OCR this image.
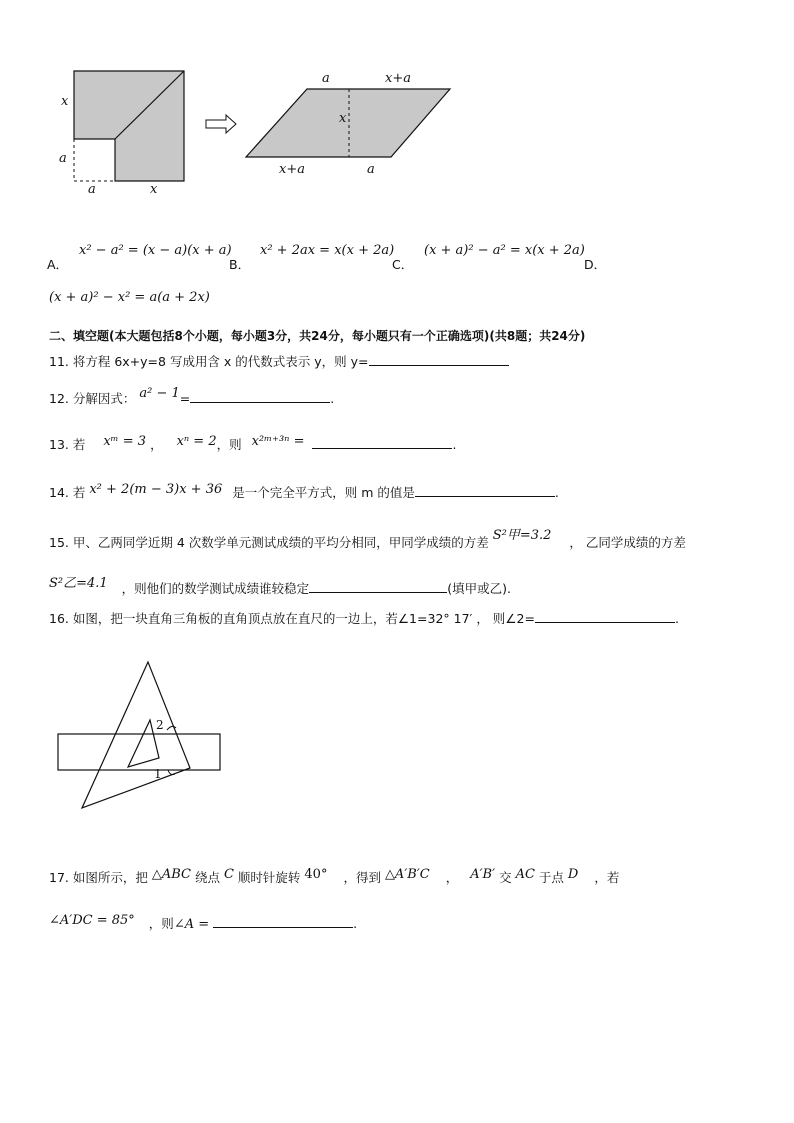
x
a
a	x
a	x+a
x
x+a	a
A．
x² − a² = (x − a)(x + a)
B．
x² + 2ax = x(x + 2a)
C．
(x + a)² − a² = x(x + 2a)
D．
(x + a)² − x² = a(a + 2x)
二、填空题(本大题包括8个小题，每小题3分，共24分，每小题只有一个正确选项)(共8题；共24分)
11. 将方程 6x+y=8 写成用含 x 的代数式表示 y，则 y=
12. 分解因式： a² − 1=	.
13. 若 xᵐ = 3 ， xⁿ = 2，则 x²ᵐ⁺³ⁿ =	.
14. 若 x² + 2(m − 3)x + 36 是一个完全平方式，则 m 的值是	.
15. 甲、乙两同学近期 4 次数学单元测试成绩的平均分相同，甲同学成绩的方差 S²甲=3.2 ， 乙同学成绩的方差
S²乙=4.1 ，则他们的数学测试成绩谁较稳定	(填甲或乙).
16. 如图，把一块直角三角板的直角顶点放在直尺的一边上，若∠1=32° 17′ ， 则∠2=	.
2
1
17. 如图所示，把 △ABC 绕点 C 顺时针旋转 40° ，得到 △A′B′C ， A′B′ 交 AC 于点 D ，若
∠A′DC = 85° ，则∠A =	.
